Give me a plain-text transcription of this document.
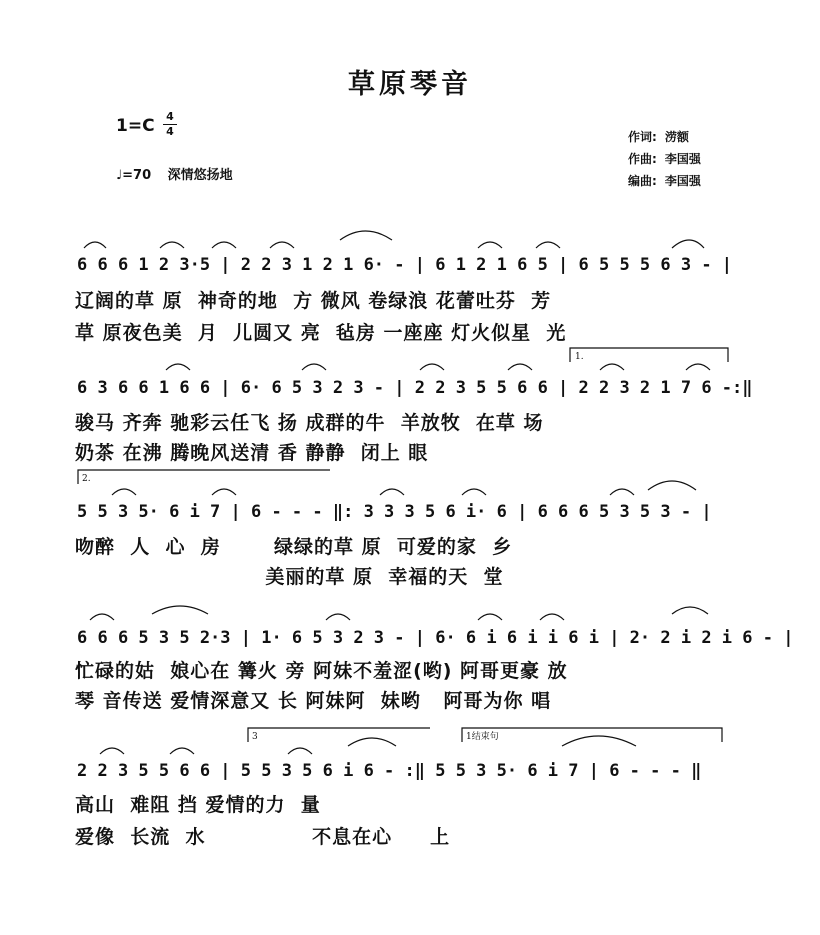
草原琴音
1=C 4
4
♩=70 深情悠扬地
作词: 涝额
作曲: 李国强
编曲: 李国强
1.
2.
3	1结束句
6 6 6 1 2 3·5 | 2 2 3 1 2 1 6· - | 6 1 2 1 6 5 | 6 5 5 5 6 3 - |
6 3 6 6 1 6 6 | 6· 6 5 3 2 3 - | 2 2 3 5 5 6 6 | 2 2 3 2 1 7 6 -:‖
5 5 3 5· 6 i 7 | 6 - - - ‖: 3 3 3 5 6 i· 6 | 6 6 6 5 3 5 3 - |
6 6 6 5 3 5 2·3 | 1· 6 5 3 2 3 - | 6· 6 i 6 i i 6 i | 2· 2 i 2 i 6 - |
2 2 3 5 5 6 6 | 5 5 3 5 6 i 6 - :‖ 5 5 3 5· 6 i 7 | 6 - - - ‖
辽阔的草 原  神奇的地  方 微风 卷绿浪 花蕾吐芬  芳
草 原夜色美  月  儿圆又 亮  毡房 一座座 灯火似星  光
骏马 齐奔 驰彩云任飞 扬 成群的牛  羊放牧  在草 场
奶茶 在沸 腾晚风送清 香 静静  闭上 眼
吻醉  人  心  房       绿绿的草 原  可爱的家  乡
美丽的草 原  幸福的天  堂
忙碌的姑  娘心在 篝火 旁 阿妹不羞涩(哟) 阿哥更豪 放
琴 音传送 爱情深意又 长 阿妹阿  妹哟   阿哥为你 唱
高山  难阻 挡 爱情的力  量
爱像  长流  水              不息在心     上
